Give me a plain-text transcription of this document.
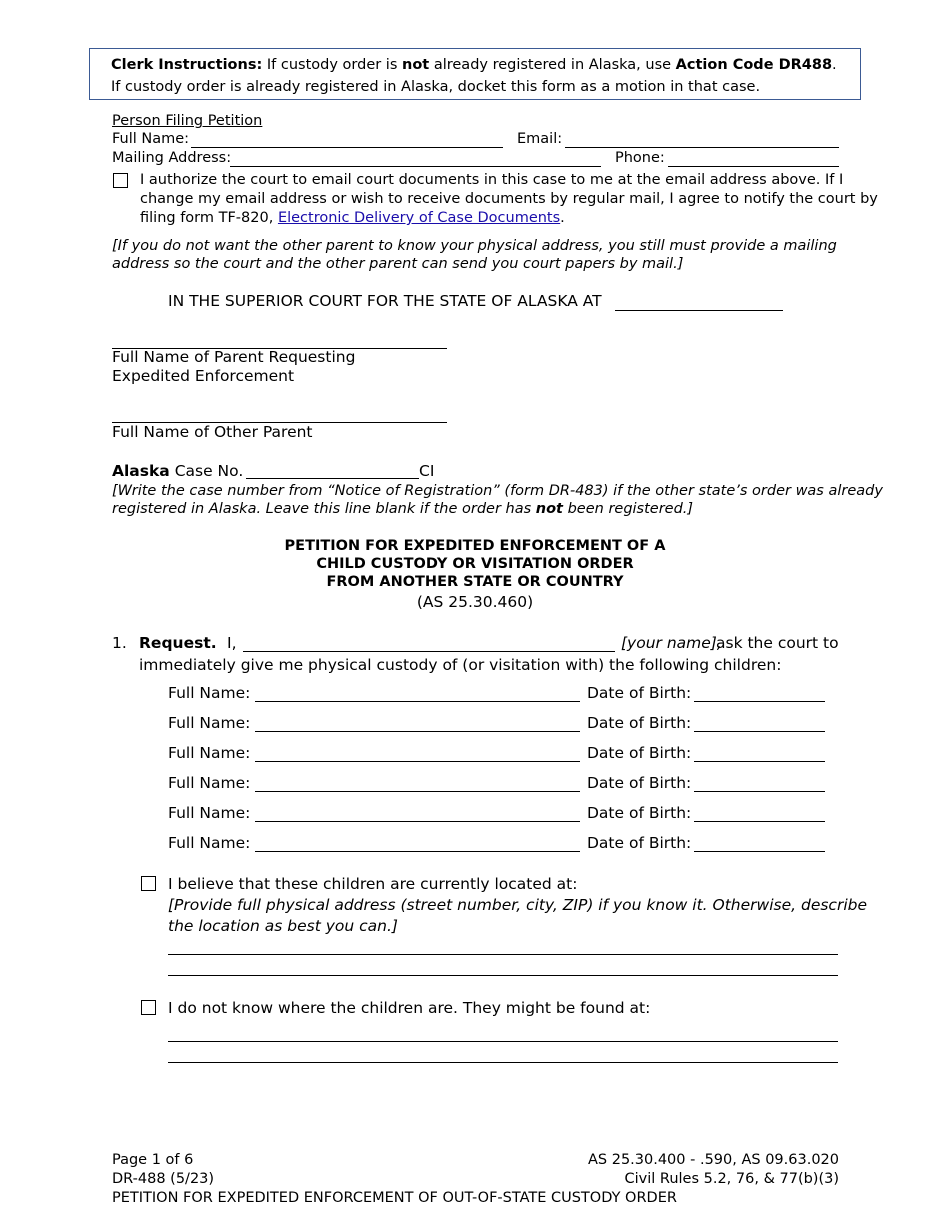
Clerk Instructions: If custody order is not already registered in Alaska, use Action Code DR488.
If custody order is already registered in Alaska, docket this form as a motion in that case.
Person Filing Petition
Full Name:	Email:
Mailing Address:	Phone:
I authorize the court to email court documents in this case to me at the email address above. If I
change my email address or wish to receive documents by regular mail, I agree to notify the court by
filing form TF-820, Electronic Delivery of Case Documents.
[If you do not want the other parent to know your physical address, you still must provide a mailing
address so the court and the other parent can send you court papers by mail.]
IN THE SUPERIOR COURT FOR THE STATE OF ALASKA AT
Full Name of Parent Requesting
Expedited Enforcement
Full Name of Other Parent
Alaska Case No.	CI
[Write the case number from “Notice of Registration” (form DR-483) if the other state’s order was already
registered in Alaska. Leave this line blank if the order has not been registered.]
PETITION FOR EXPEDITED ENFORCEMENT OF A
CHILD CUSTODY OR VISITATION ORDER
FROM ANOTHER STATE OR COUNTRY
(AS 25.30.460)
1. Request. I,	[your name],
ask the court to
immediately give me physical custody of (or visitation with) the following children:
Full Name:	Date of Birth:
Full Name:	Date of Birth:
Full Name:	Date of Birth:
Full Name:	Date of Birth:
Full Name:	Date of Birth:
Full Name:	Date of Birth:
I believe that these children are currently located at:
[Provide full physical address (street number, city, ZIP) if you know it. Otherwise, describe
the location as best you can.]
I do not know where the children are. They might be found at:
Page 1 of 6
DR-488 (5/23)
PETITION FOR EXPEDITED ENFORCEMENT OF OUT-OF-STATE CUSTODY ORDER
AS 25.30.400 - .590, AS 09.63.020
Civil Rules 5.2, 76, & 77(b)(3)
